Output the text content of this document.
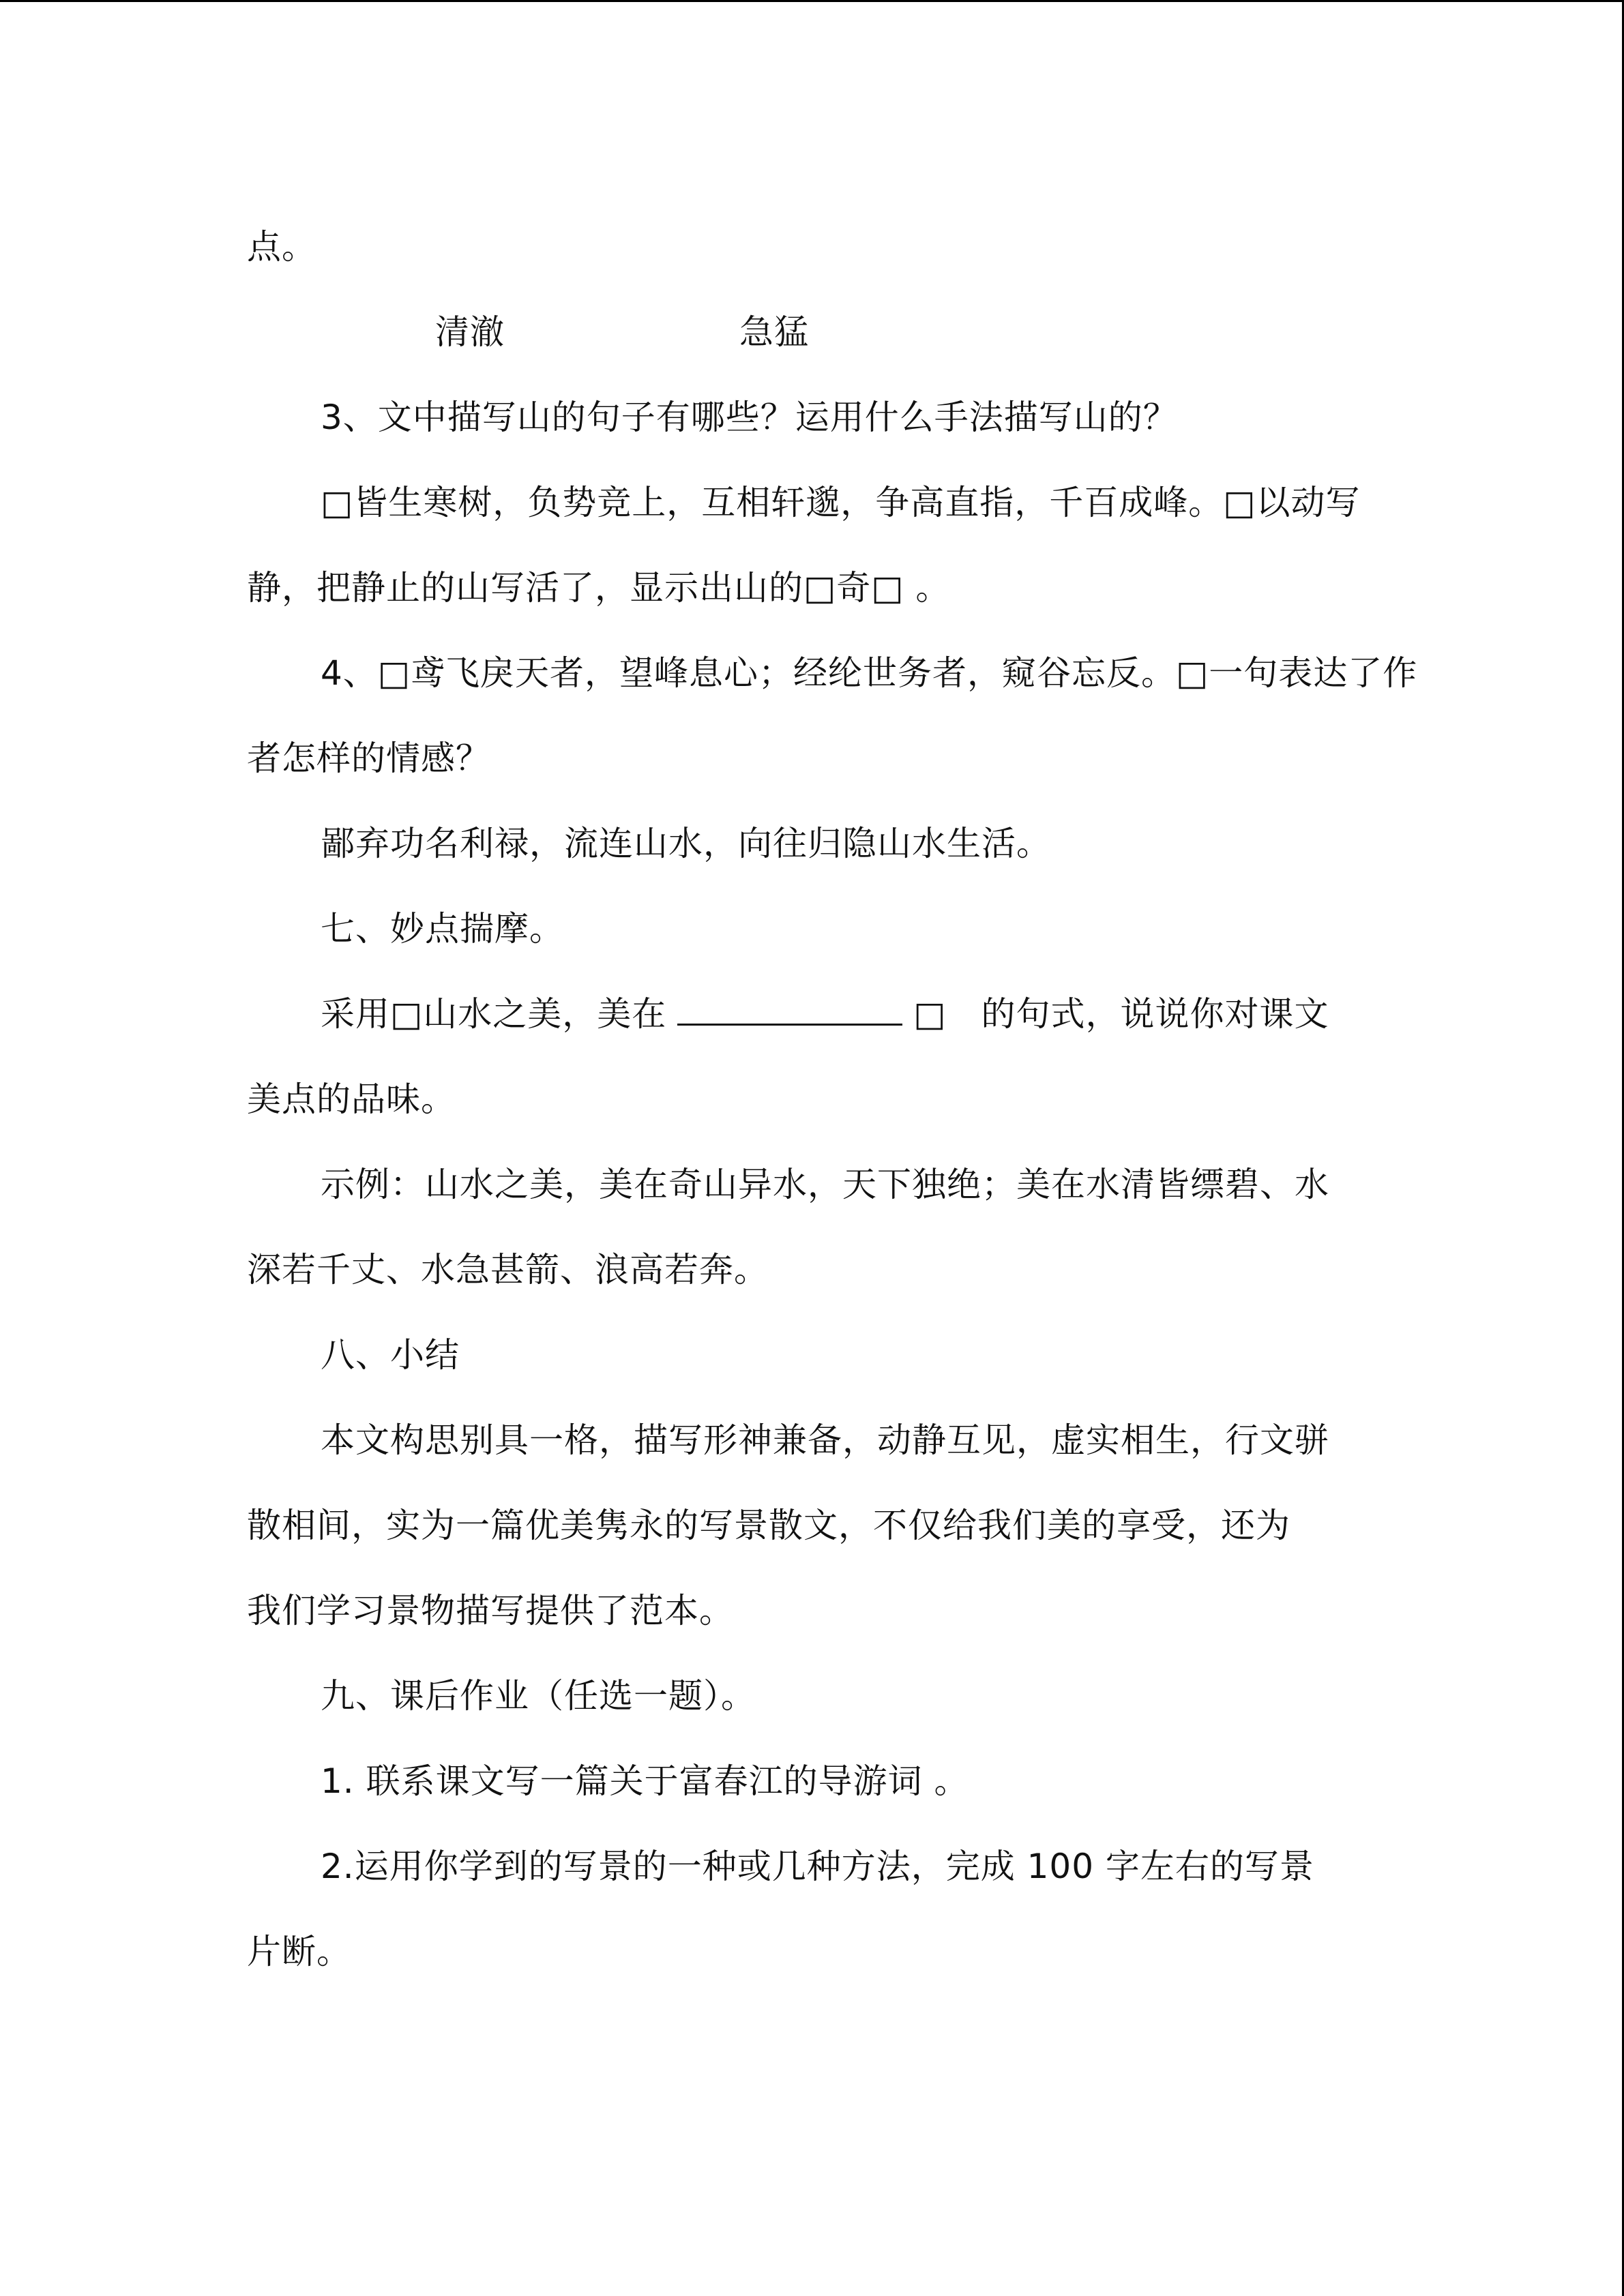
点。
清澈	急猛
3、文中描写山的句子有哪些？运用什么手法描写山的？
□皆生寒树，负势竞上，互相轩邈，争高直指，千百成峰。□以动写
静，把静止的山写活了，显示出山的□奇□ 。
4、□鸢飞戾天者，望峰息心；经纶世务者，窥谷忘反。□一句表达了作
者怎样的情感？
鄙弃功名利禄，流连山水，向往归隐山水生活。
七、妙点揣摩。
采用□山水之美，美在	□　的句式，说说你对课文
美点的品味。
示例：山水之美，美在奇山异水，天下独绝；美在水清皆缥碧、水
深若千丈、水急甚箭、浪高若奔。
八、小结
本文构思别具一格，描写形神兼备，动静互见，虚实相生，行文骈
散相间，实为一篇优美隽永的写景散文，不仅给我们美的享受，还为
我们学习景物描写提供了范本。
九、课后作业（任选一题）。
1. 联系课文写一篇关于富春江的导游词 。
2.运用你学到的写景的一种或几种方法，完成 100 字左右的写景
片断。
